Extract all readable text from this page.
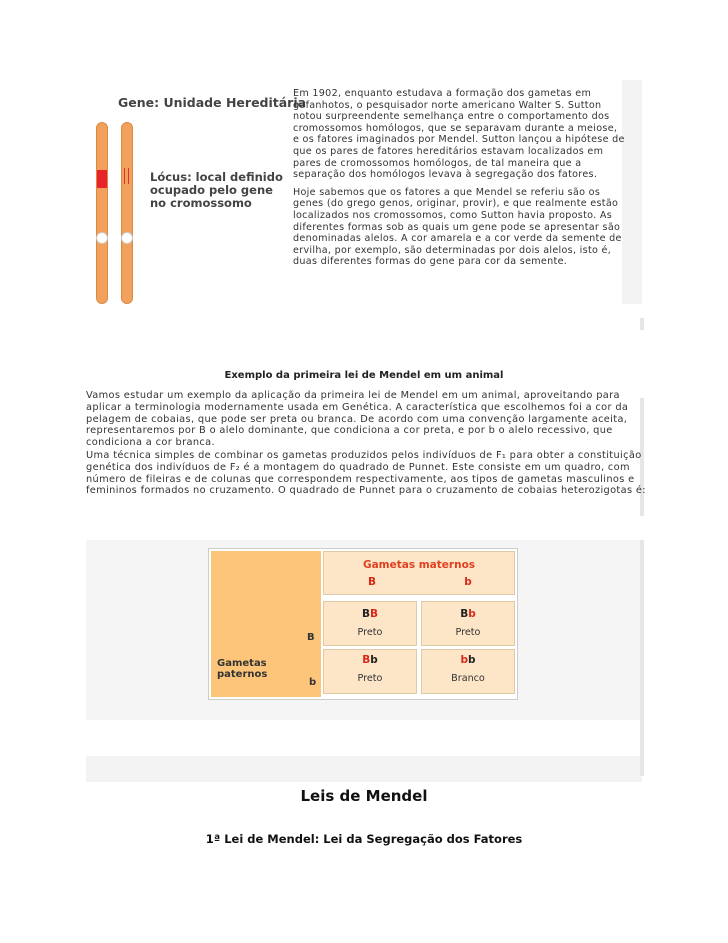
Gene: Unidade Hereditária
Lócus: local definido
ocupado pelo gene
no cromossomo

Em 1902, enquanto estudava a formação dos gametas em gafanhotos, o pesquisador norte americano Walter S. Sutton notou surpreendente semelhança entre o comportamento dos cromossomos homólogos, que se separavam durante a meiose, e os fatores imaginados por Mendel. Sutton lançou a hipótese de que os pares de fatores hereditários estavam localizados em pares de cromossomos homólogos, de tal maneira que a separação dos homólogos levava à segregação dos fatores.

Hoje sabemos que os fatores a que Mendel se referiu são os genes (do grego genos, originar, provir), e que realmente estão localizados nos cromossomos, como Sutton havia proposto. As diferentes formas sob as quais um gene pode se apresentar são denominadas alelos. A cor amarela e a cor verde da semente de ervilha, por exemplo, são determinadas por dois alelos, isto é, duas diferentes formas do gene para cor da semente.

Exemplo da primeira lei de Mendel em um animal

Vamos estudar um exemplo da aplicação da primeira lei de Mendel em um animal, aproveitando para aplicar a terminologia modernamente usada em Genética. A característica que escolhemos foi a cor da pelagem de cobaias, que pode ser preta ou branca. De acordo com uma convenção largamente aceita, representaremos por B o alelo dominante, que condiciona a cor preta, e por b o alelo recessivo, que condiciona a cor branca.

Uma técnica simples de combinar os gametas produzidos pelos indivíduos de F₁ para obter a constituição genética dos indivíduos de F₂ é a montagem do quadrado de Punnet. Este consiste em um quadro, com número de fileiras e de colunas que correspondem respectivamente, aos tipos de gametas masculinos e femininos formados no cruzamento. O quadrado de Punnet para o cruzamento de cobaias heterozigotas é:

Gametas maternos
B	b
Gametas paternos
B
b
BB
Preto
Bb
Preto
Bb
Preto
bb
Branco
Leis de Mendel
1ª Lei de Mendel: Lei da Segregação dos Fatores
